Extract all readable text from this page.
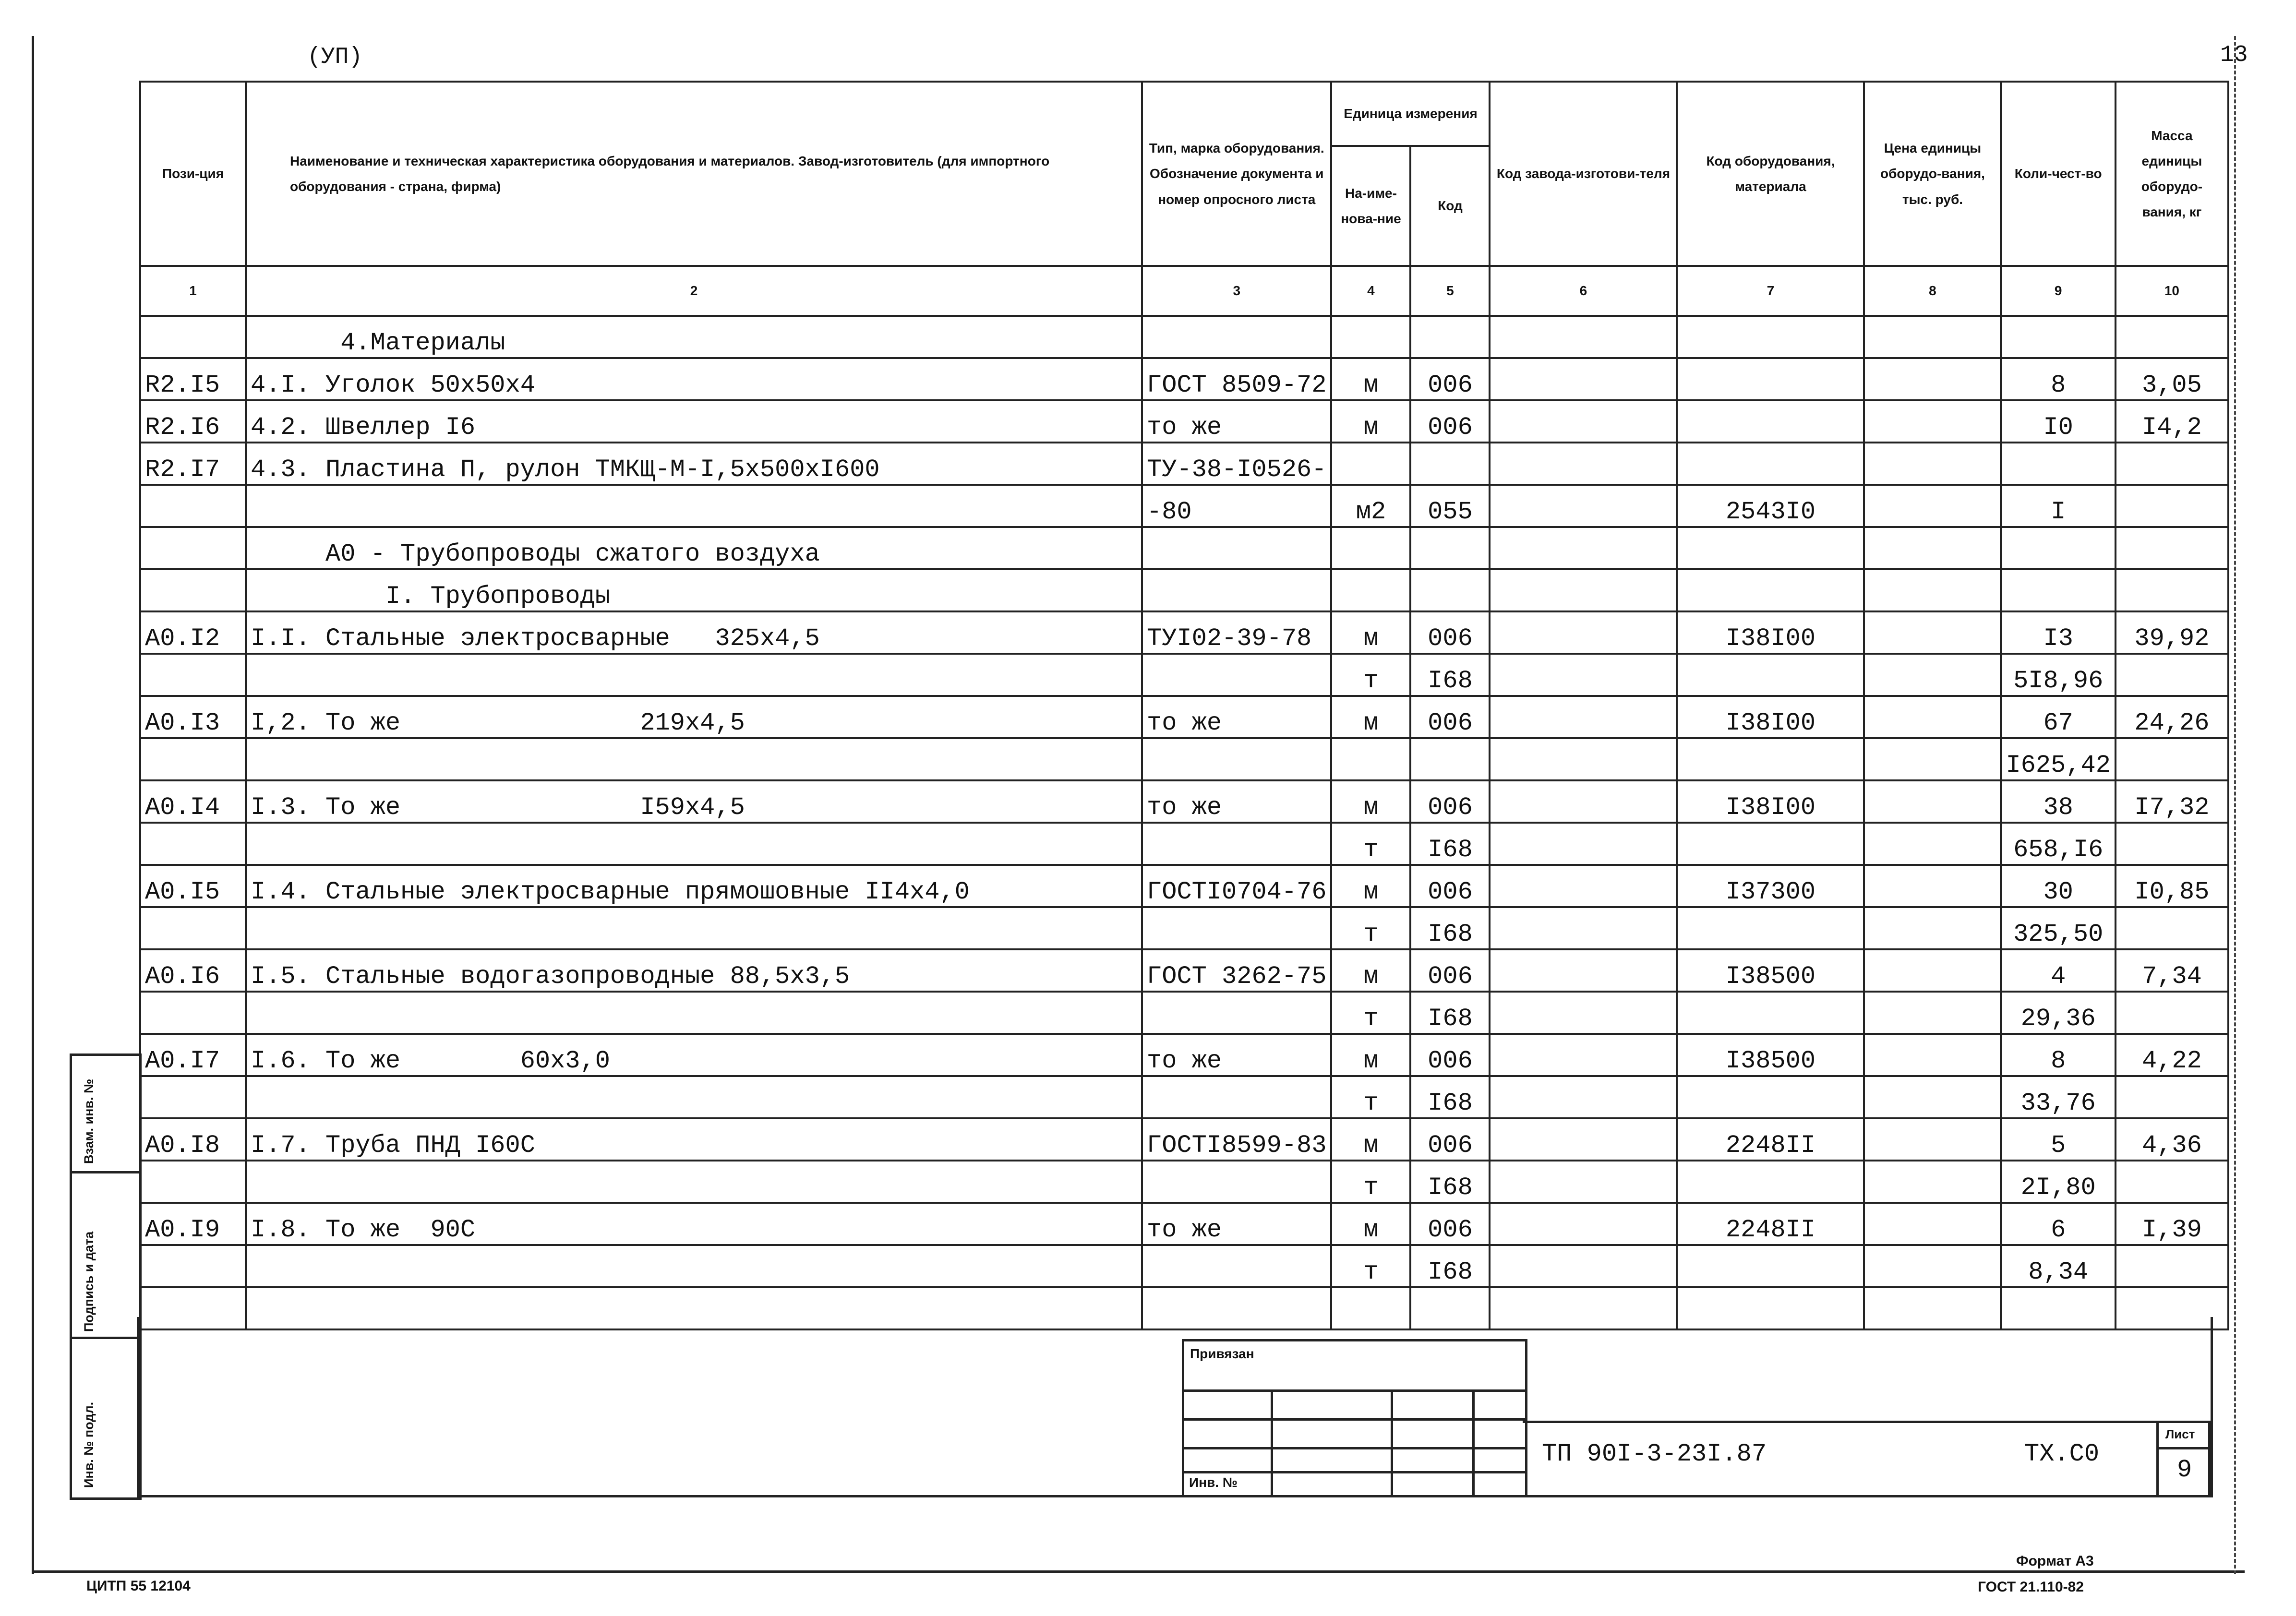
(УП)	13
Пози-ция	Наименование и техническая характеристика оборудования и материалов. Завод-изготовитель (для импортного оборудования - страна, фирма)	Тип, марка оборудования. Обозначение документа и номер опросного листа	Единица измерения		Код завода-изготови-теля	Код оборудования, материала	Цена единицы оборудо-вания, тыс. руб.	Коли-чест-во	Масса единицы оборудо-вания, кг
			На-име-нова-ние	Код					
1	2	3	4	5	6	7	8	9	10
	4.Материалы								
R2.I5	4.I. Уголок 50х50х4	ГОСТ 8509-72	м	006				8	3,05
R2.I6	4.2. Швеллер I6	то же	м	006				I0	I4,2
R2.I7	4.3. Пластина П, рулон ТМКЩ-М-I,5х500хI600	ТУ-38-I0526-							
		-80	м2	055		2543I0		I	
	А0 - Трубопроводы сжатого воздуха								
	I. Трубопроводы								
А0.I2	I.I. Стальные электросварные   325х4,5	ТУI02-39-78	м	006		I38I00		I3	39,92
			т	I68				5I8,96	
А0.I3	I,2. То же                219х4,5	то же	м	006		I38I00		67	24,26
								I625,42	
А0.I4	I.3. То же                I59х4,5	то же	м	006		I38I00		38	I7,32
			т	I68				658,I6	
А0.I5	I.4. Стальные электросварные прямошовные II4х4,0	ГОСТI0704-76	м	006		I37300		30	I0,85
			т	I68				325,50	
А0.I6	I.5. Стальные водогазопроводные 88,5х3,5	ГОСТ 3262-75	м	006		I38500		4	7,34
			т	I68				29,36	
А0.I7	I.6. То же        60х3,0	то же	м	006		I38500		8	4,22
			т	I68				33,76	
А0.I8	I.7. Труба ПНД I60С	ГОСТI8599-83	м	006		2248II		5	4,36
			т	I68				2I,80	
А0.I9	I.8. То же  90С	то же	м	006		2248II		6	I,39
			т	I68				8,34	

Взам. инв. №
Подпись и дата
Инв. № подл.
Привязан
Инв. №
ТП 90I-3-23I.87	ТХ.С0
Лист
9
ЦИТП 55 12104
Формат А3
ГОСТ 21.110-82
